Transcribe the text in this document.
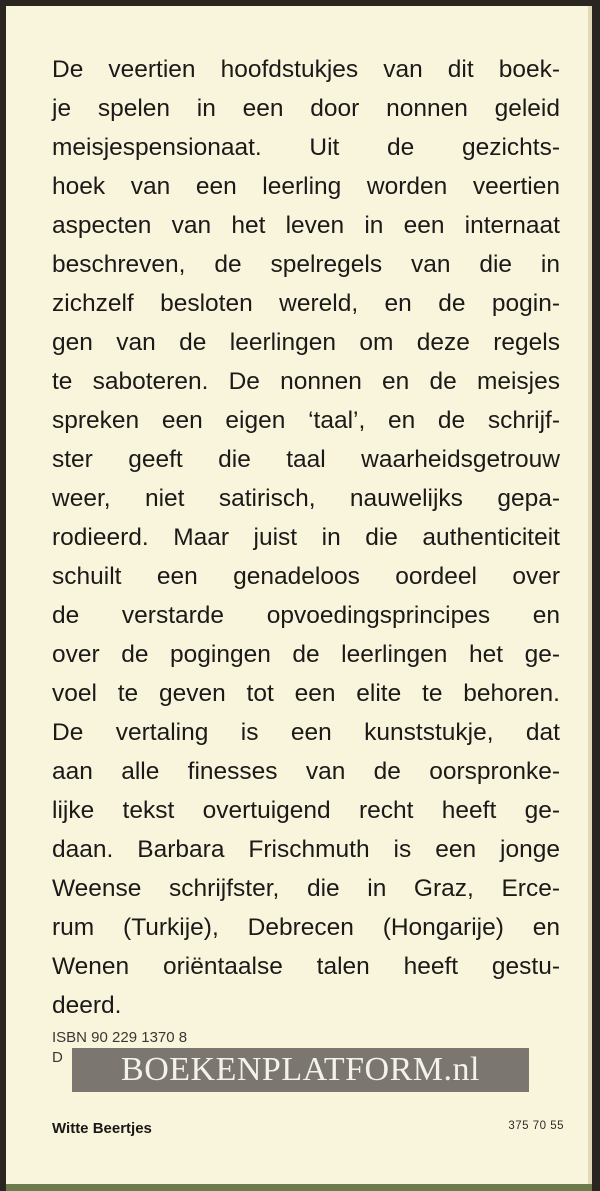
De veertien hoofdstukjes van dit boek-
je spelen in een door nonnen geleid
meisjespensionaat. Uit de gezichts-
hoek van een leerling worden veertien
aspecten van het leven in een internaat
beschreven, de spelregels van die in
zichzelf besloten wereld, en de pogin-
gen van de leerlingen om deze regels
te saboteren. De nonnen en de meisjes
spreken een eigen ‘taal’, en de schrijf-
ster geeft die taal waarheidsgetrouw
weer, niet satirisch, nauwelijks gepa-
rodieerd. Maar juist in die authenticiteit
schuilt een genadeloos oordeel over
de verstarde opvoedingsprincipes en
over de pogingen de leerlingen het ge-
voel te geven tot een elite te behoren.
De vertaling is een kunststukje, dat
aan alle finesses van de oorspronke-
lijke tekst overtuigend recht heeft ge-
daan. Barbara Frischmuth is een jonge
Weense schrijfster, die in Graz, Erce-
rum (Turkije), Debrecen (Hongarije) en
Wenen oriëntaalse talen heeft gestu-
deerd.
ISBN 90 229 1370 8
D	BOEKENPLATFORM.nl
Witte Beertjes	375 70 55
